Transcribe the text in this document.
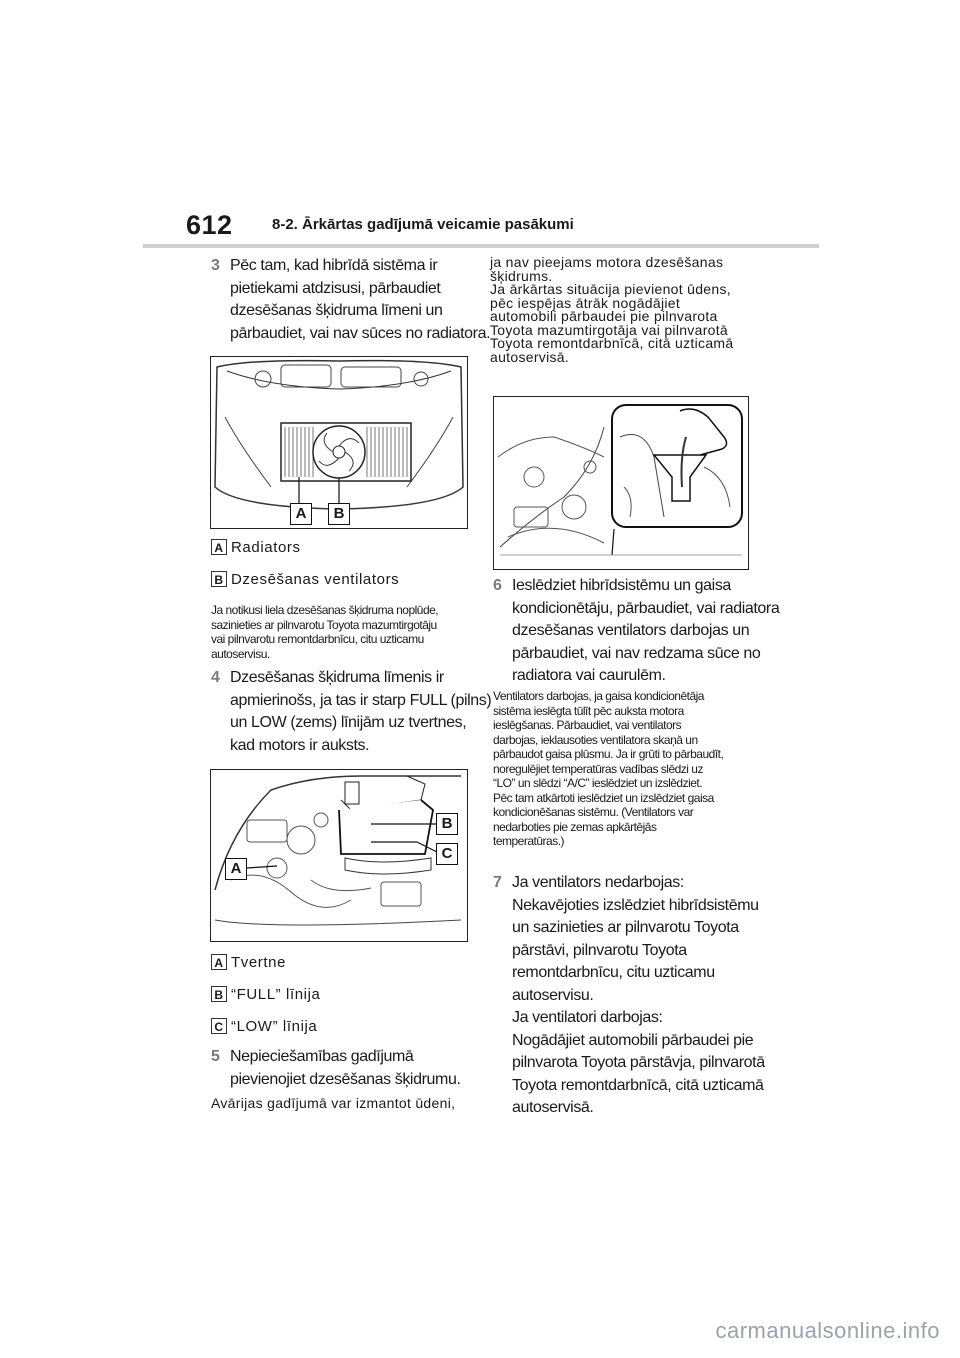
612	8-2. Ārkārtas gadījumā veicamie pasākumi
3 Pēc tam, kad hibrīdā sistēma ir
pietiekami atdzisusi, pārbaudiet
dzesēšanas šķidruma līmeni un
pārbaudiet, vai nav sūces no radiatora.
A	B
A Radiators
B Dzesēšanas ventilators
Ja notikusi liela dzesēšanas šķidruma noplūde,
sazinieties ar pilnvarotu Toyota mazumtirgotāju
vai pilnvarotu remontdarbnīcu, citu uzticamu
autoservisu.
4 Dzesēšanas šķidruma līmenis ir
apmierinošs, ja tas ir starp FULL (pilns)
un LOW (zems) līnijām uz tvertnes,
kad motors ir auksts.
A
B
C
A Tvertne
B “FULL” līnija
C “LOW” līnija
5 Nepieciešamības gadījumā
pievienojiet dzesēšanas šķidrumu.
Avārijas gadījumā var izmantot ūdeni,
ja nav pieejams motora dzesēšanas
šķidrums.
Ja ārkārtas situācija pievienot ūdens,
pēc iespējas ātrāk nogādājiet
automobili pārbaudei pie pilnvarota
Toyota mazumtirgotāja vai pilnvarotā
Toyota remontdarbnīcā, citā uzticamā
autoservisā.
6 Ieslēdziet hibrīdsistēmu un gaisa
kondicionētāju, pārbaudiet, vai radiatora
dzesēšanas ventilators darbojas un
pārbaudiet, vai nav redzama sūce no
radiatora vai caurulēm.
Ventilators darbojas, ja gaisa kondicionētāja
sistēma ieslēgta tūlīt pēc auksta motora
ieslēgšanas. Pārbaudiet, vai ventilators
darbojas, ieklausoties ventilatora skaņā un
pārbaudot gaisa plūsmu. Ja ir grūti to pārbaudīt,
noregulējiet temperatūras vadības slēdzi uz
“LO” un slēdzi “A/C” ieslēdziet un izslēdziet.
Pēc tam atkārtoti ieslēdziet un izslēdziet gaisa
kondicionēšanas sistēmu. (Ventilators var
nedarboties pie zemas apkārtējās
temperatūras.)
7 Ja ventilators nedarbojas:
Nekavējoties izslēdziet hibrīdsistēmu
un sazinieties ar pilnvarotu Toyota
pārstāvi, pilnvarotu Toyota
remontdarbnīcu, citu uzticamu
autoservisu.
Ja ventilatori darbojas:
Nogādājiet automobili pārbaudei pie
pilnvarota Toyota pārstāvja, pilnvarotā
Toyota remontdarbnīcā, citā uzticamā
autoservisā.
carmanualsonline.info
